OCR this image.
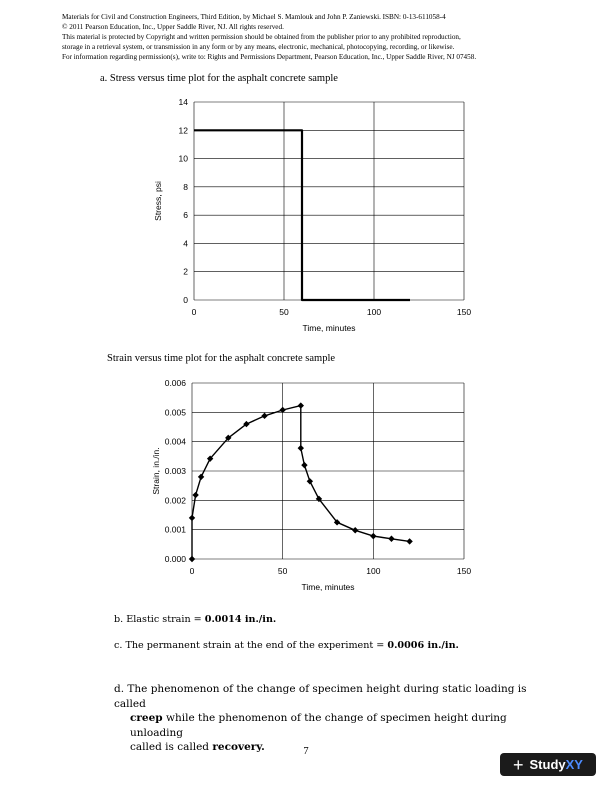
Materials for Civil and Construction Engineers, Third Edition, by Michael S. Mamlouk and John P. Zaniewski. ISBN: 0-13-611058-4
© 2011 Pearson Education, Inc., Upper Saddle River, NJ. All rights reserved.
This material is protected by Copyright and written permission should be obtained from the publisher prior to any prohibited reproduction,
storage in a retrieval system, or transmission in any form or by any means, electronic, mechanical, photocopying, recording, or likewise.
For information regarding permission(s), write to: Rights and Permissions Department, Pearson Education, Inc., Upper Saddle River, NJ 07458.
a. Stress versus time plot for the asphalt concrete sample
0
2
4
6
8
10
12
14
0	50	100	150
Time, minutes
Stress, psi
Strain versus time plot for the asphalt concrete sample
0.000
0.001
0.002
0.003
0.004
0.005
0.006
0	50	100	150
Time, minutes
Strain, in./in.
b. Elastic strain = 0.0014 in./in.
c. The permanent strain at the end of the experiment = 0.0006 in./in.
d. The phenomenon of the change of specimen height during static loading is called
creep while the phenomenon of the change of specimen height during unloading
called is called recovery.	7
+ StudyXY
